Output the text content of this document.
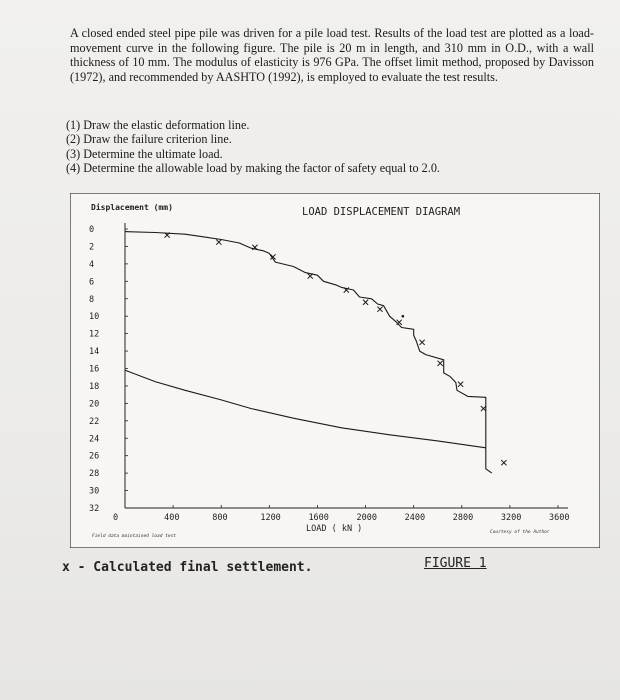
A closed ended steel pipe pile was driven for a pile load test. Results of the load test are plotted as a load-movement curve in the following figure. The pile is 20 m in length, and 310 mm in O.D., with a wall thickness of 10 mm. The modulus of elasticity is 976 GPa. The offset limit method, proposed by Davisson (1972), and recommended by AASHTO (1992), is employed to evaluate the test results.

(1) Draw the elastic deformation line.
(2) Draw the failure criterion line.
(3) Determine the ultimate load.
(4) Determine the allowable load by making the factor of safety equal to 2.0.
0
2
4
6
8
10
12
14
16
18
20
22
24
26
28
30
32
0	400	800	1200	1600	2000	2400	2800	3200	3600
LOAD DISPLACEMENT DIAGRAM
Displacement (mm)
LOAD ( kN )
Field data maintained load test
Courtesy of the Author
x - Calculated final settlement.	FIGURE 1
